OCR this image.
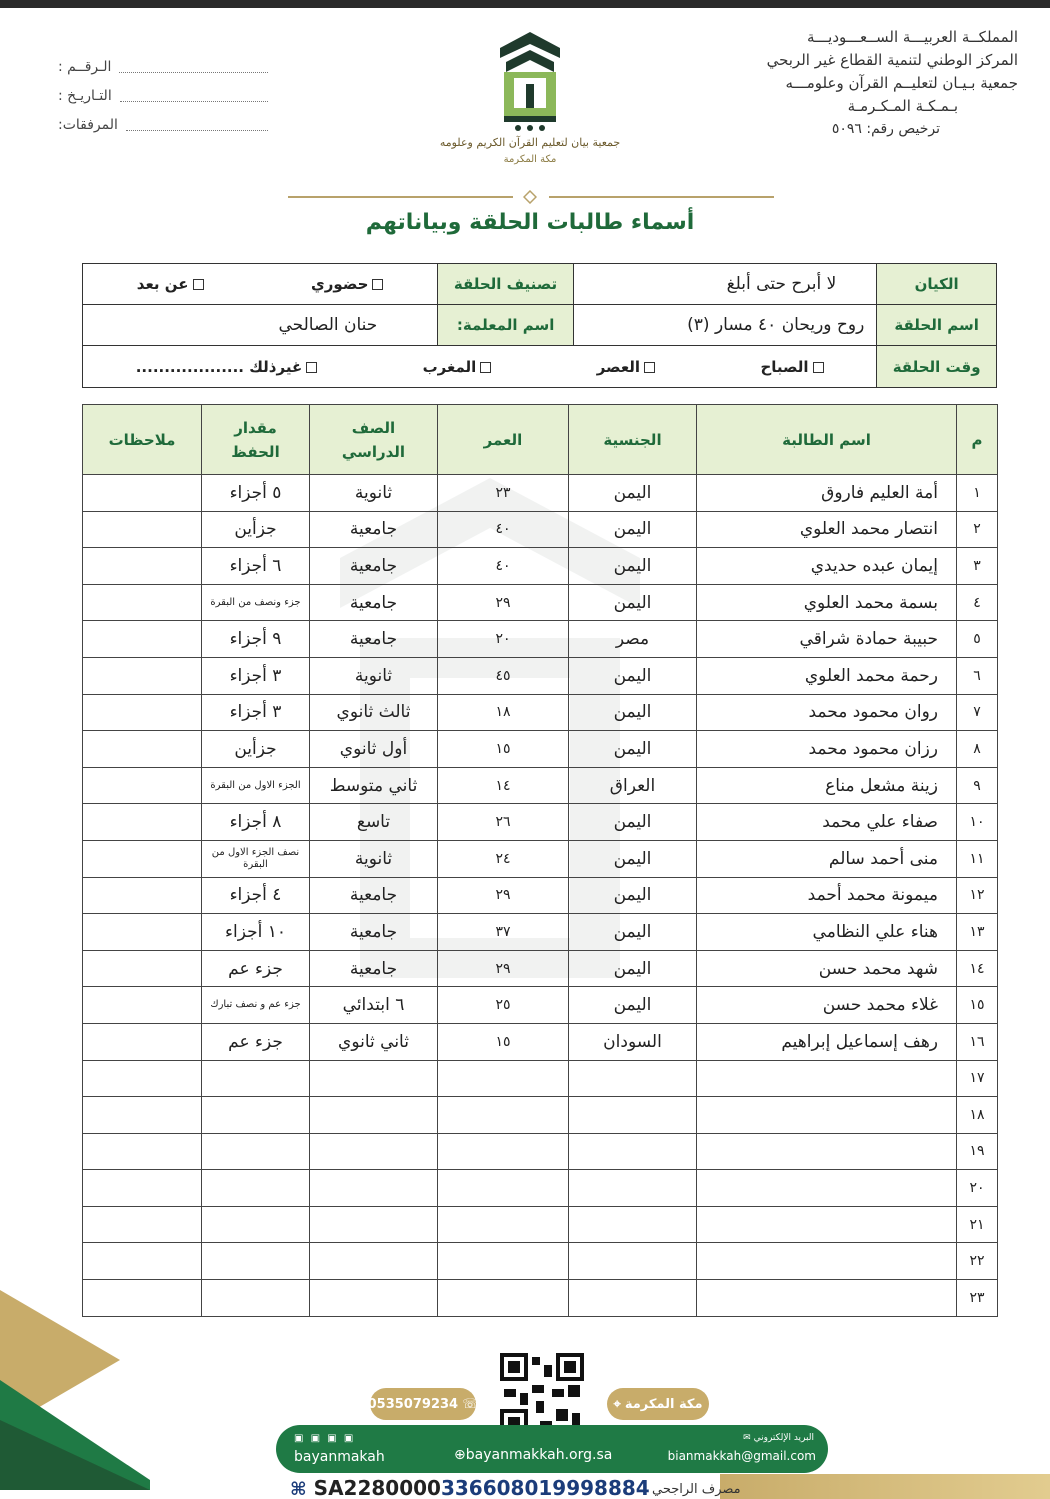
المملكــة العربيـــة الســعـــوديـــة
المركز الوطني لتنمية القطاع غير الربحي
جمعية بـيـان لتعليــم القرآن وعلومـــه
بـمـكـة المـكـرمـة
ترخيص رقم: ٥٠٩٦
الـرقــم :
التـاريـخ :
المرفقات:
جمعية بيان لتعليم القرآن الكريم وعلومه
مكة المكرمة
أسماء طالبات الحلقة وبياناتهم
الكيان
لا أبرح حتى أبلغ
تصنيف الحلقة
حضوري
عن بعد
اسم الحلقة
روح وريحان ٤٠ مسار (٣)
اسم المعلمة:
حنان الصالحي
وقت الحلقة
الصباح
العصر
المغرب
غيرذلك ...................
م	اسم الطالبة	الجنسية	العمر	الصف الدراسي	مقدار الحفظ	ملاحظات
١	أمة العليم فاروق	اليمن	٢٣	ثانوية	٥ أجزاء	
٢	انتصار محمد العلوي	اليمن	٤٠	جامعية	جزأين	
٣	إيمان عبده حديدي	اليمن	٤٠	جامعية	٦ أجزاء	
٤	بسمة محمد العلوي	اليمن	٢٩	جامعية	جزء ونصف من البقرة	
٥	حبيبة حمادة شراقي	مصر	٢٠	جامعية	٩ أجزاء	
٦	رحمة محمد العلوي	اليمن	٤٥	ثانوية	٣ أجزاء	
٧	روان محمود محمد	اليمن	١٨	ثالث ثانوي	٣ أجزاء	
٨	رزان محمود محمد	اليمن	١٥	أول ثانوي	جزأين	
٩	زينة مشعل مناع	العراق	١٤	ثاني متوسط	الجزء الاول من البقرة	
١٠	صفاء علي محمد	اليمن	٢٦	تاسع	٨ أجزاء	
١١	منى أحمد سالم	اليمن	٢٤	ثانوية	نصف الجزء الاول من البقرة	
١٢	ميمونة محمد أحمد	اليمن	٢٩	جامعية	٤ أجزاء	
١٣	هناء علي النظامي	اليمن	٣٧	جامعية	١٠ أجزاء	
١٤	شهد محمد حسن	اليمن	٢٩	جامعية	جزء عم	
١٥	غلاء محمد حسن	اليمن	٢٥	٦ ابتدائي	جزء عم و نصف تبارك	
١٦	رهف إسماعيل إبراهيم	السودان	١٥	ثاني ثانوي	جزء عم	
١٧						
١٨						
١٩						
٢٠						
٢١						
٢٢						
٢٣						
☏
0535079234	مكة المكرمة
⌖
▣ ▣ ▣ ▣
bayanmakah	⊕bayanmakkah.org.sa
البريد الإلكتروني ✉
bianmakkah@gmail.com
مصرف الراجحي
⌘ SA2280000336608019998884
